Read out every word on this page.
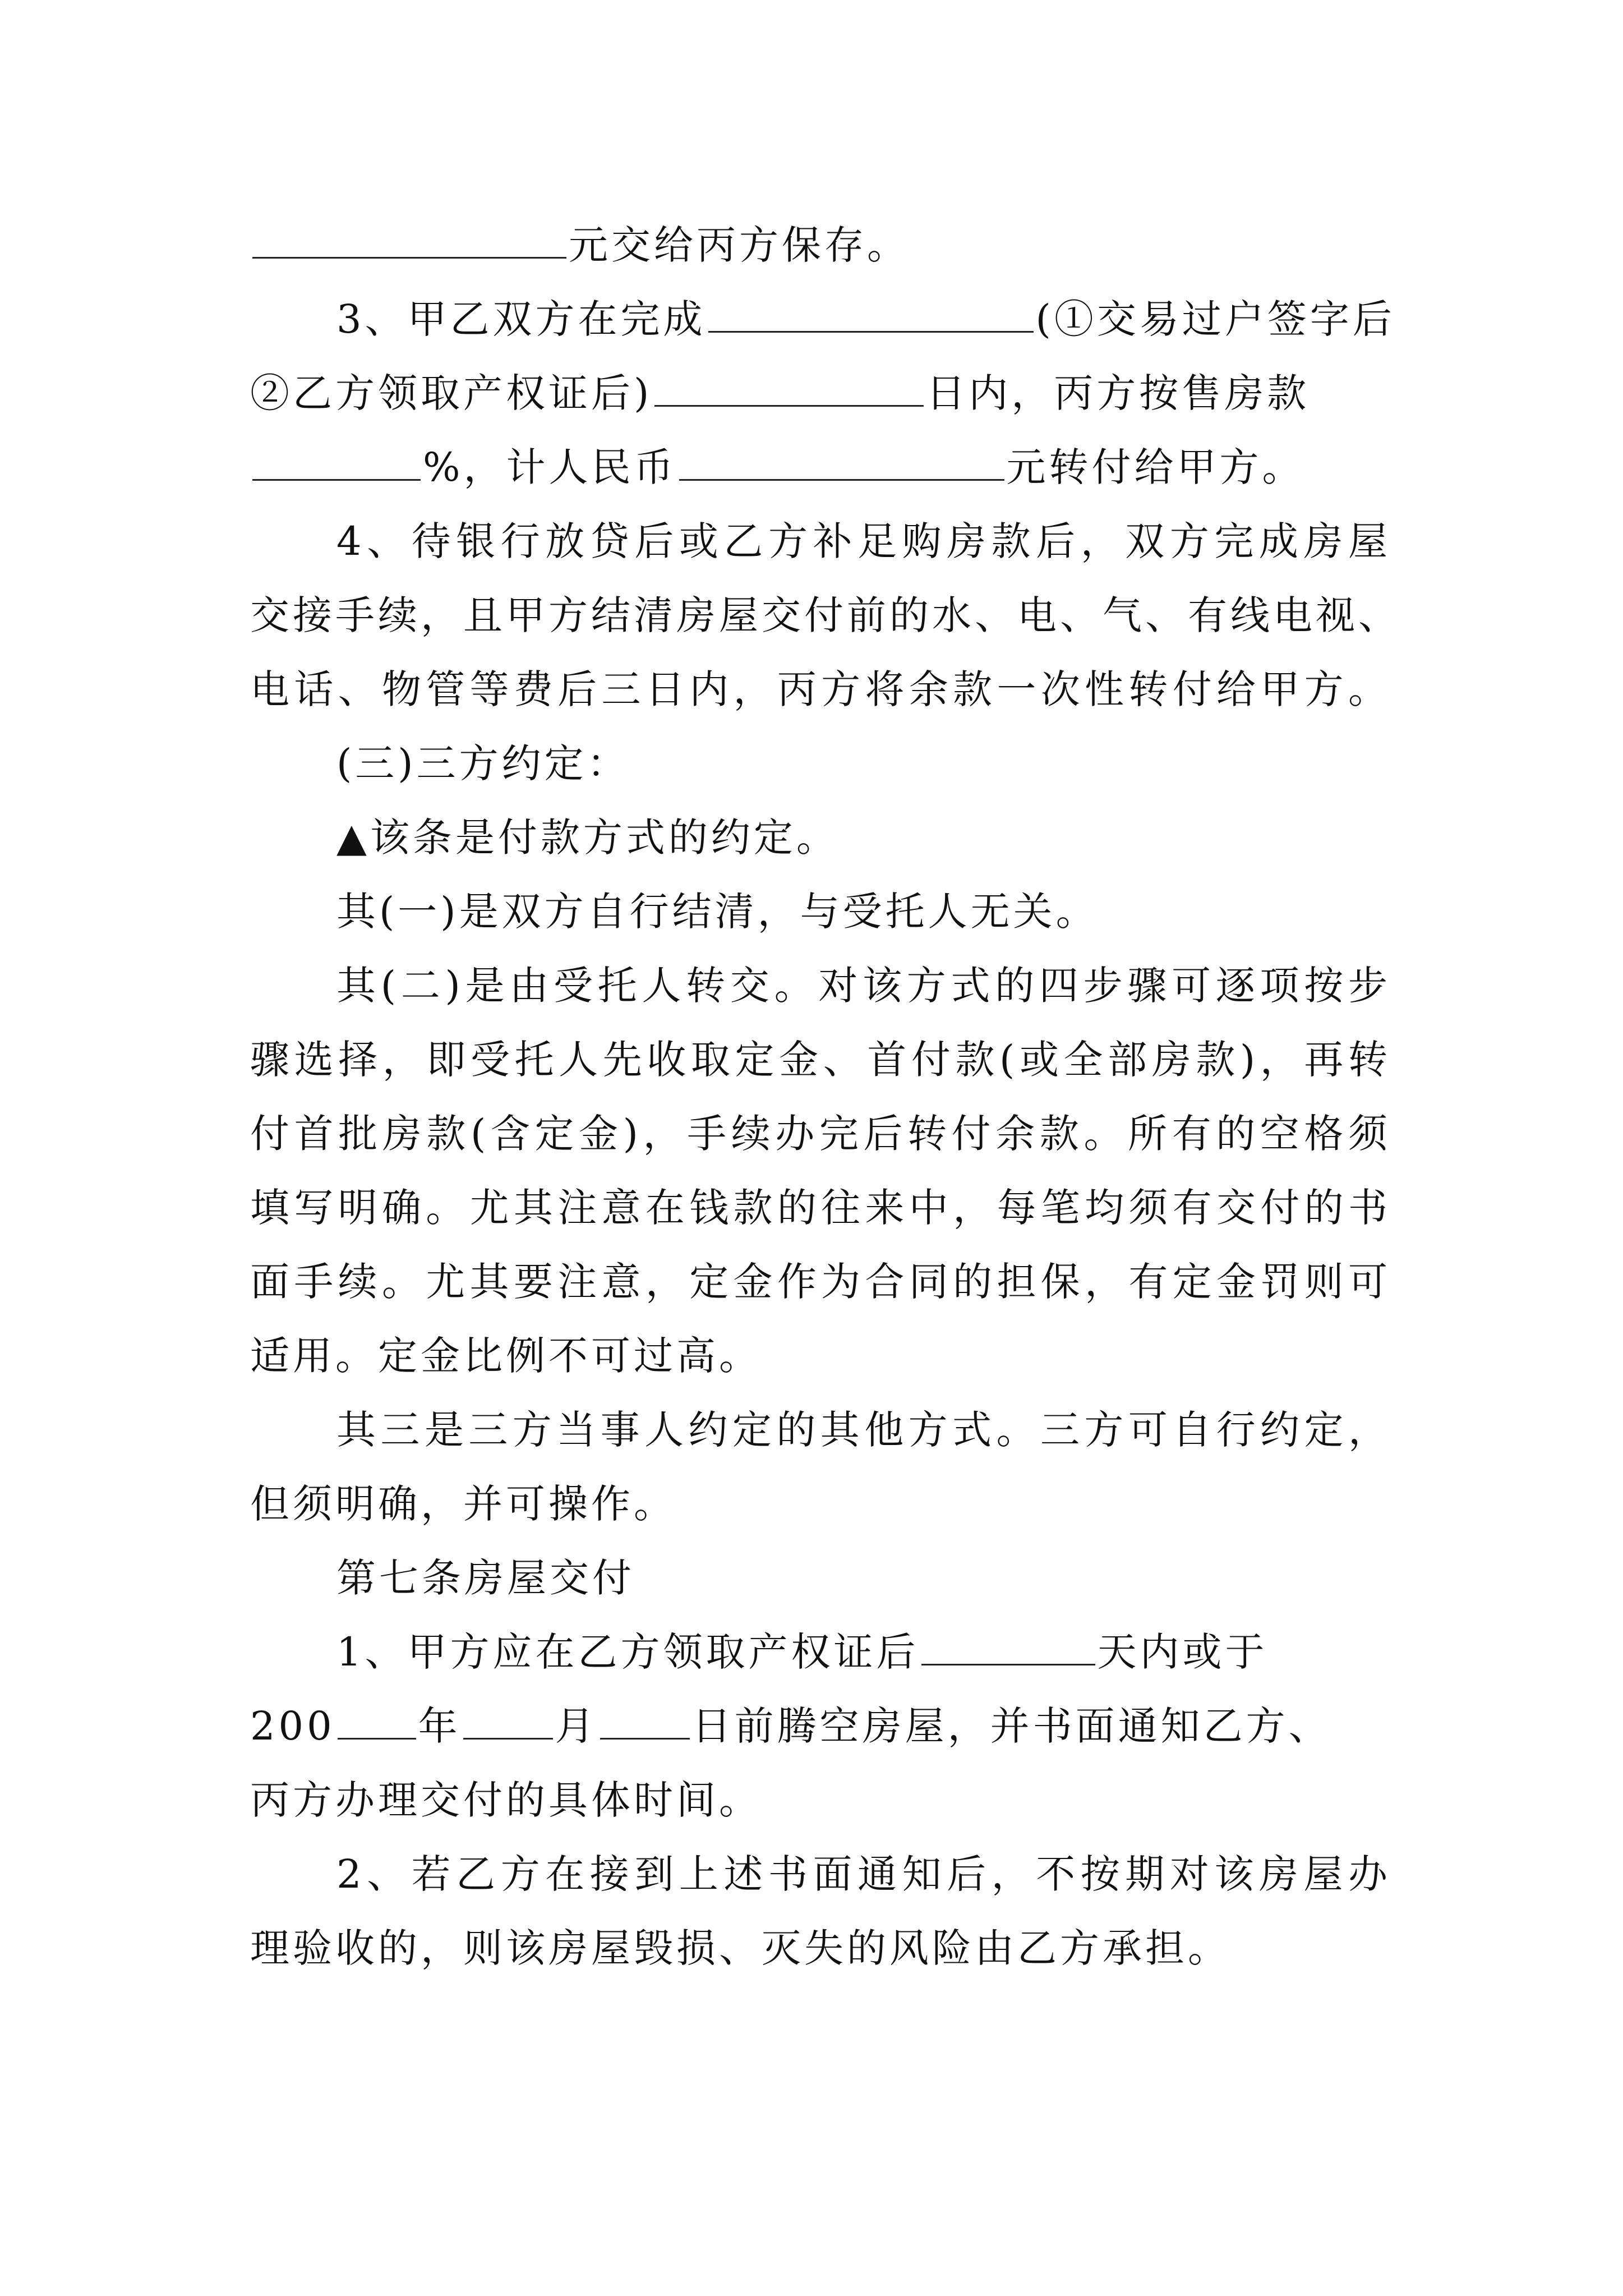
元交给丙方保存。
3、甲乙双方在完成	(①交易过户签字后
②乙方领取产权证后)	日内，丙方按售房款
%，计人民币	元转付给甲方。
4、待银行放贷后或乙方补足购房款后，双方完成房屋
交接手续，且甲方结清房屋交付前的水、电、气、有线电视、
电话、物管等费后三日内，丙方将余款一次性转付给甲方。
(三)三方约定：
▲该条是付款方式的约定。
其(一)是双方自行结清，与受托人无关。
其(二)是由受托人转交。对该方式的四步骤可逐项按步
骤选择，即受托人先收取定金、首付款(或全部房款)，再转
付首批房款(含定金)，手续办完后转付余款。所有的空格须
填写明确。尤其注意在钱款的往来中，每笔均须有交付的书
面手续。尤其要注意，定金作为合同的担保，有定金罚则可
适用。定金比例不可过高。
其三是三方当事人约定的其他方式。三方可自行约定，
但须明确，并可操作。
第七条房屋交付
1、甲方应在乙方领取产权证后	天内或于
200 年 月 日前腾空房屋，并书面通知乙方、
丙方办理交付的具体时间。
2、若乙方在接到上述书面通知后，不按期对该房屋办
理验收的，则该房屋毁损、灭失的风险由乙方承担。
